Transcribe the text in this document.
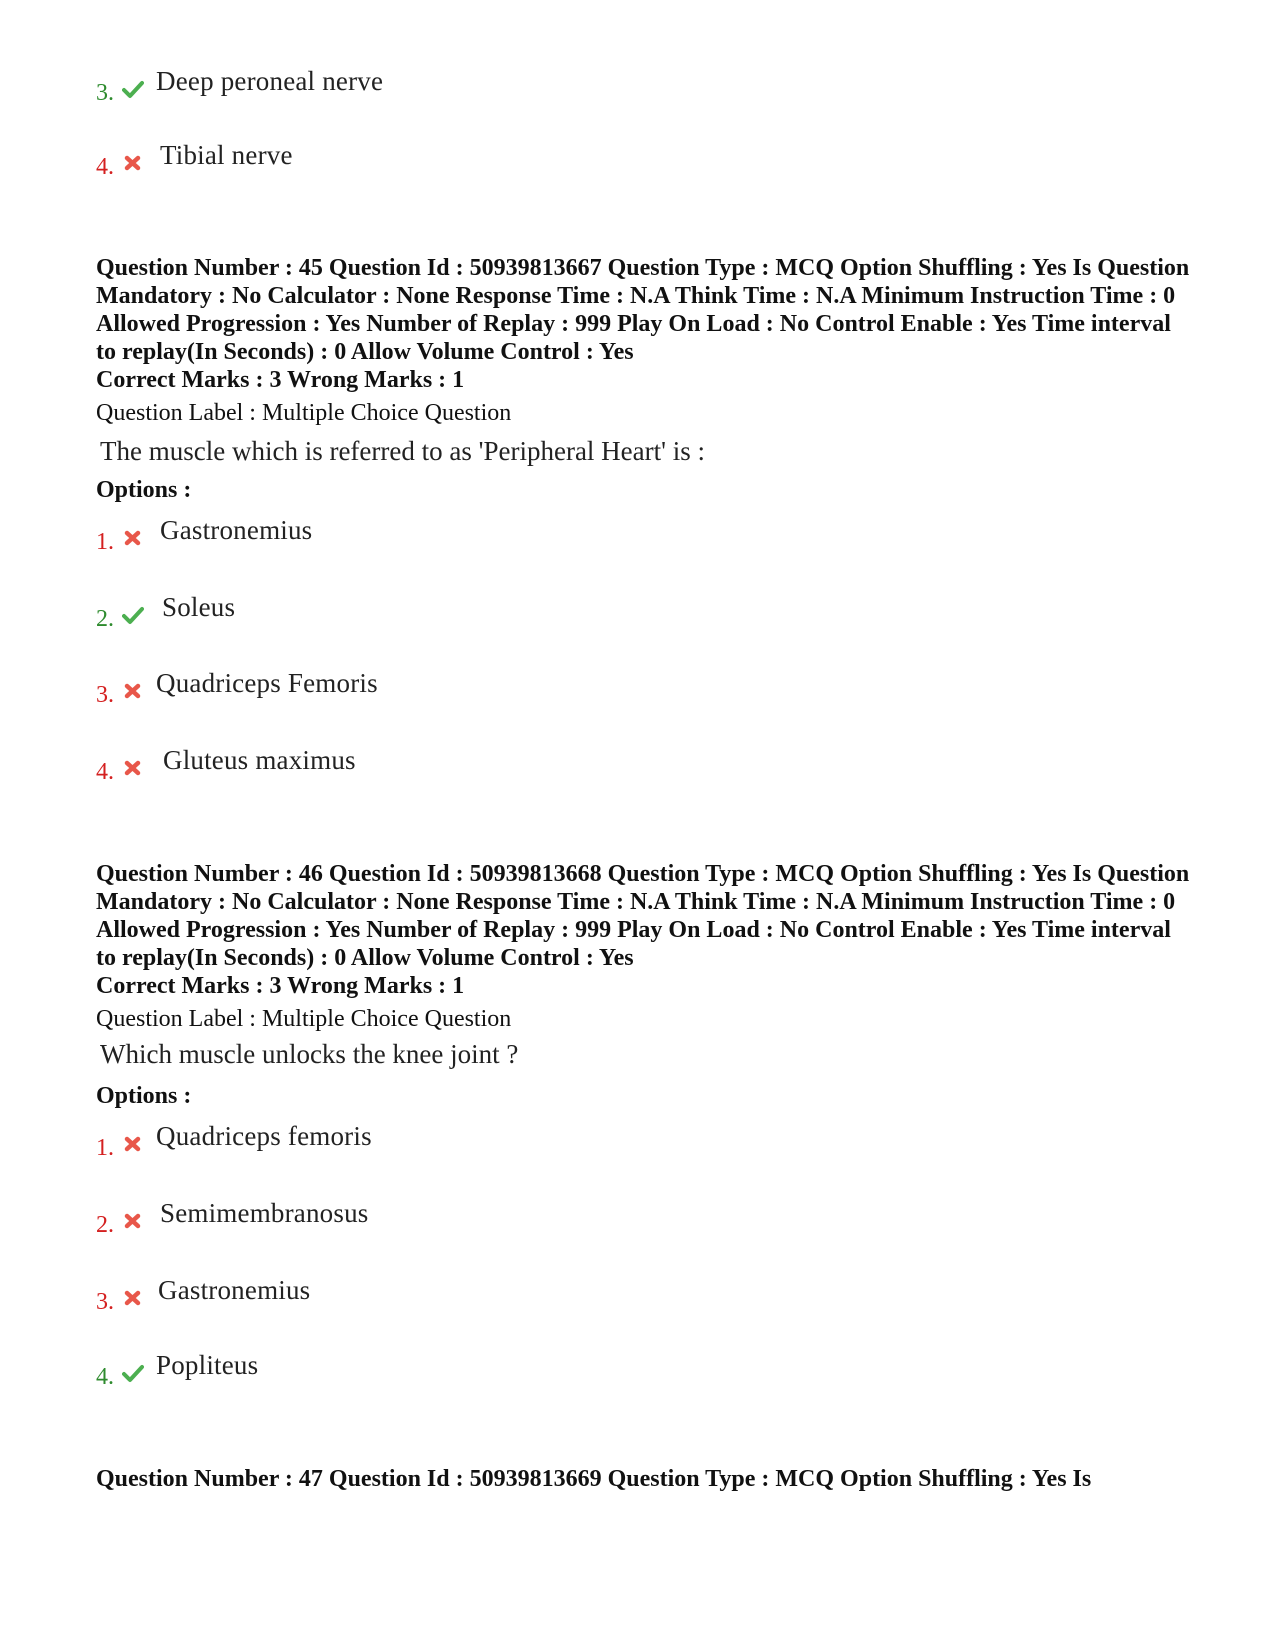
3. Deep peroneal nerve
4. Tibial nerve
Question Number : 45 Question Id : 50939813667 Question Type : MCQ Option Shuffling : Yes Is Question Mandatory : No Calculator : None Response Time : N.A Think Time : N.A Minimum Instruction Time : 0 Allowed Progression : Yes Number of Replay : 999 Play On Load : No Control Enable : Yes Time interval to replay(In Seconds) : 0 Allow Volume Control : Yes
Correct Marks : 3 Wrong Marks : 1
Question Label : Multiple Choice Question
The muscle which is referred to as 'Peripheral Heart' is :
Options :
1. Gastronemius
2. Soleus
3. Quadriceps Femoris
4. Gluteus maximus
Question Number : 46 Question Id : 50939813668 Question Type : MCQ Option Shuffling : Yes Is Question Mandatory : No Calculator : None Response Time : N.A Think Time : N.A Minimum Instruction Time : 0 Allowed Progression : Yes Number of Replay : 999 Play On Load : No Control Enable : Yes Time interval to replay(In Seconds) : 0 Allow Volume Control : Yes
Correct Marks : 3 Wrong Marks : 1
Question Label : Multiple Choice Question
Which muscle unlocks the knee joint ?
Options :
1. Quadriceps femoris
2. Semimembranosus
3. Gastronemius
4. Popliteus
Question Number : 47 Question Id : 50939813669 Question Type : MCQ Option Shuffling : Yes Is
